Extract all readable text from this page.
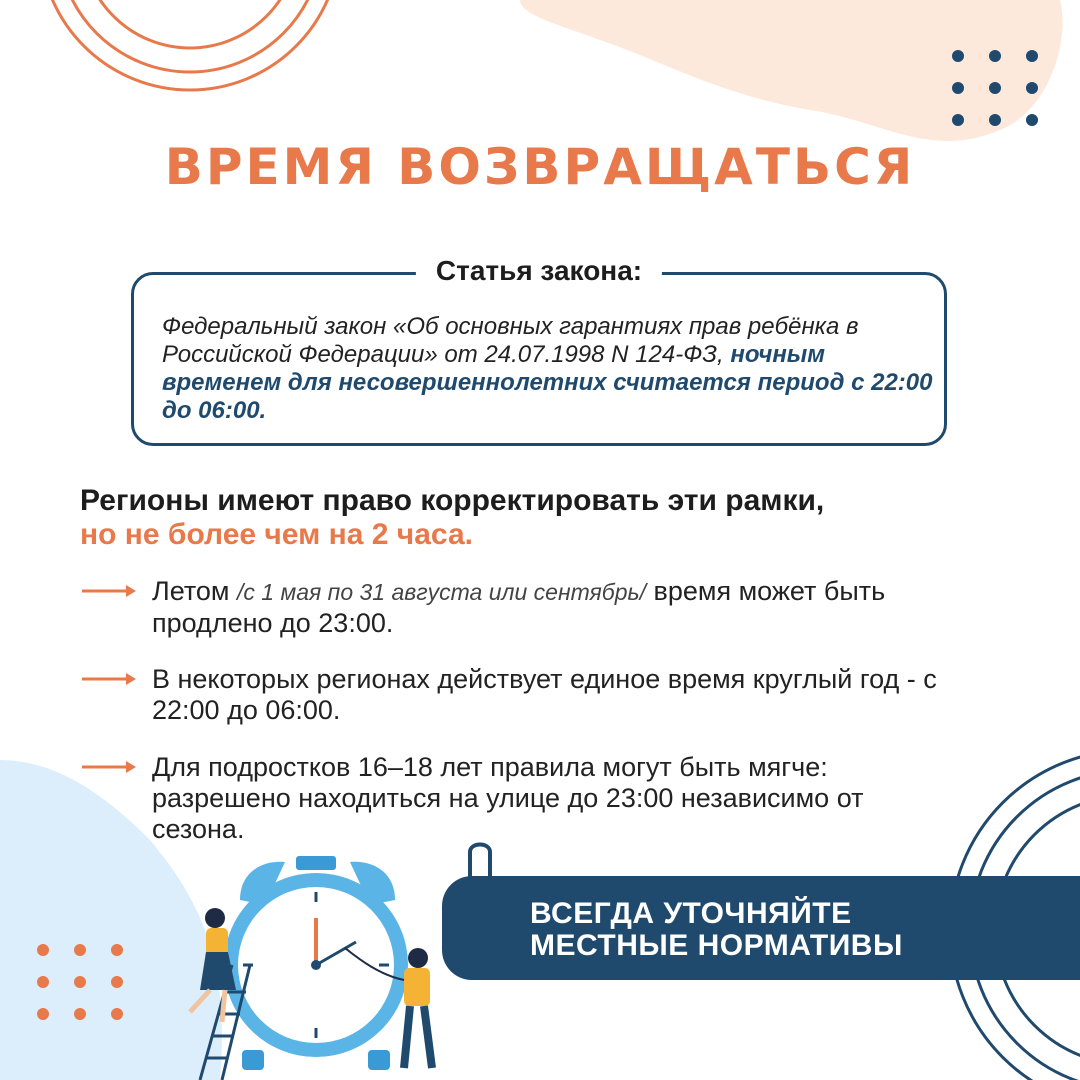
ВРЕМЯ ВОЗВРАЩАТЬСЯ
Статья закона:

Федеральный закон «Об основных гарантиях прав ребёнка в Российской Федерации» от 24.07.1998 N 124-ФЗ, ночным временем для несовершеннолетних считается период с 22:00 до 06:00.

Регионы имеют право корректировать эти рамки,
но не более чем на 2 часа.

Летом /с 1 мая по 31 августа или сентябрь/ время может быть продлено до 23:00.

В некоторых регионах действует единое время круглый год - с 22:00 до 06:00.

Для подростков 16–18 лет правила могут быть мягче: разрешено находиться на улице до 23:00 независимо от сезона.

ВСЕГДА УТОЧНЯЙТЕ
МЕСТНЫЕ НОРМАТИВЫ
